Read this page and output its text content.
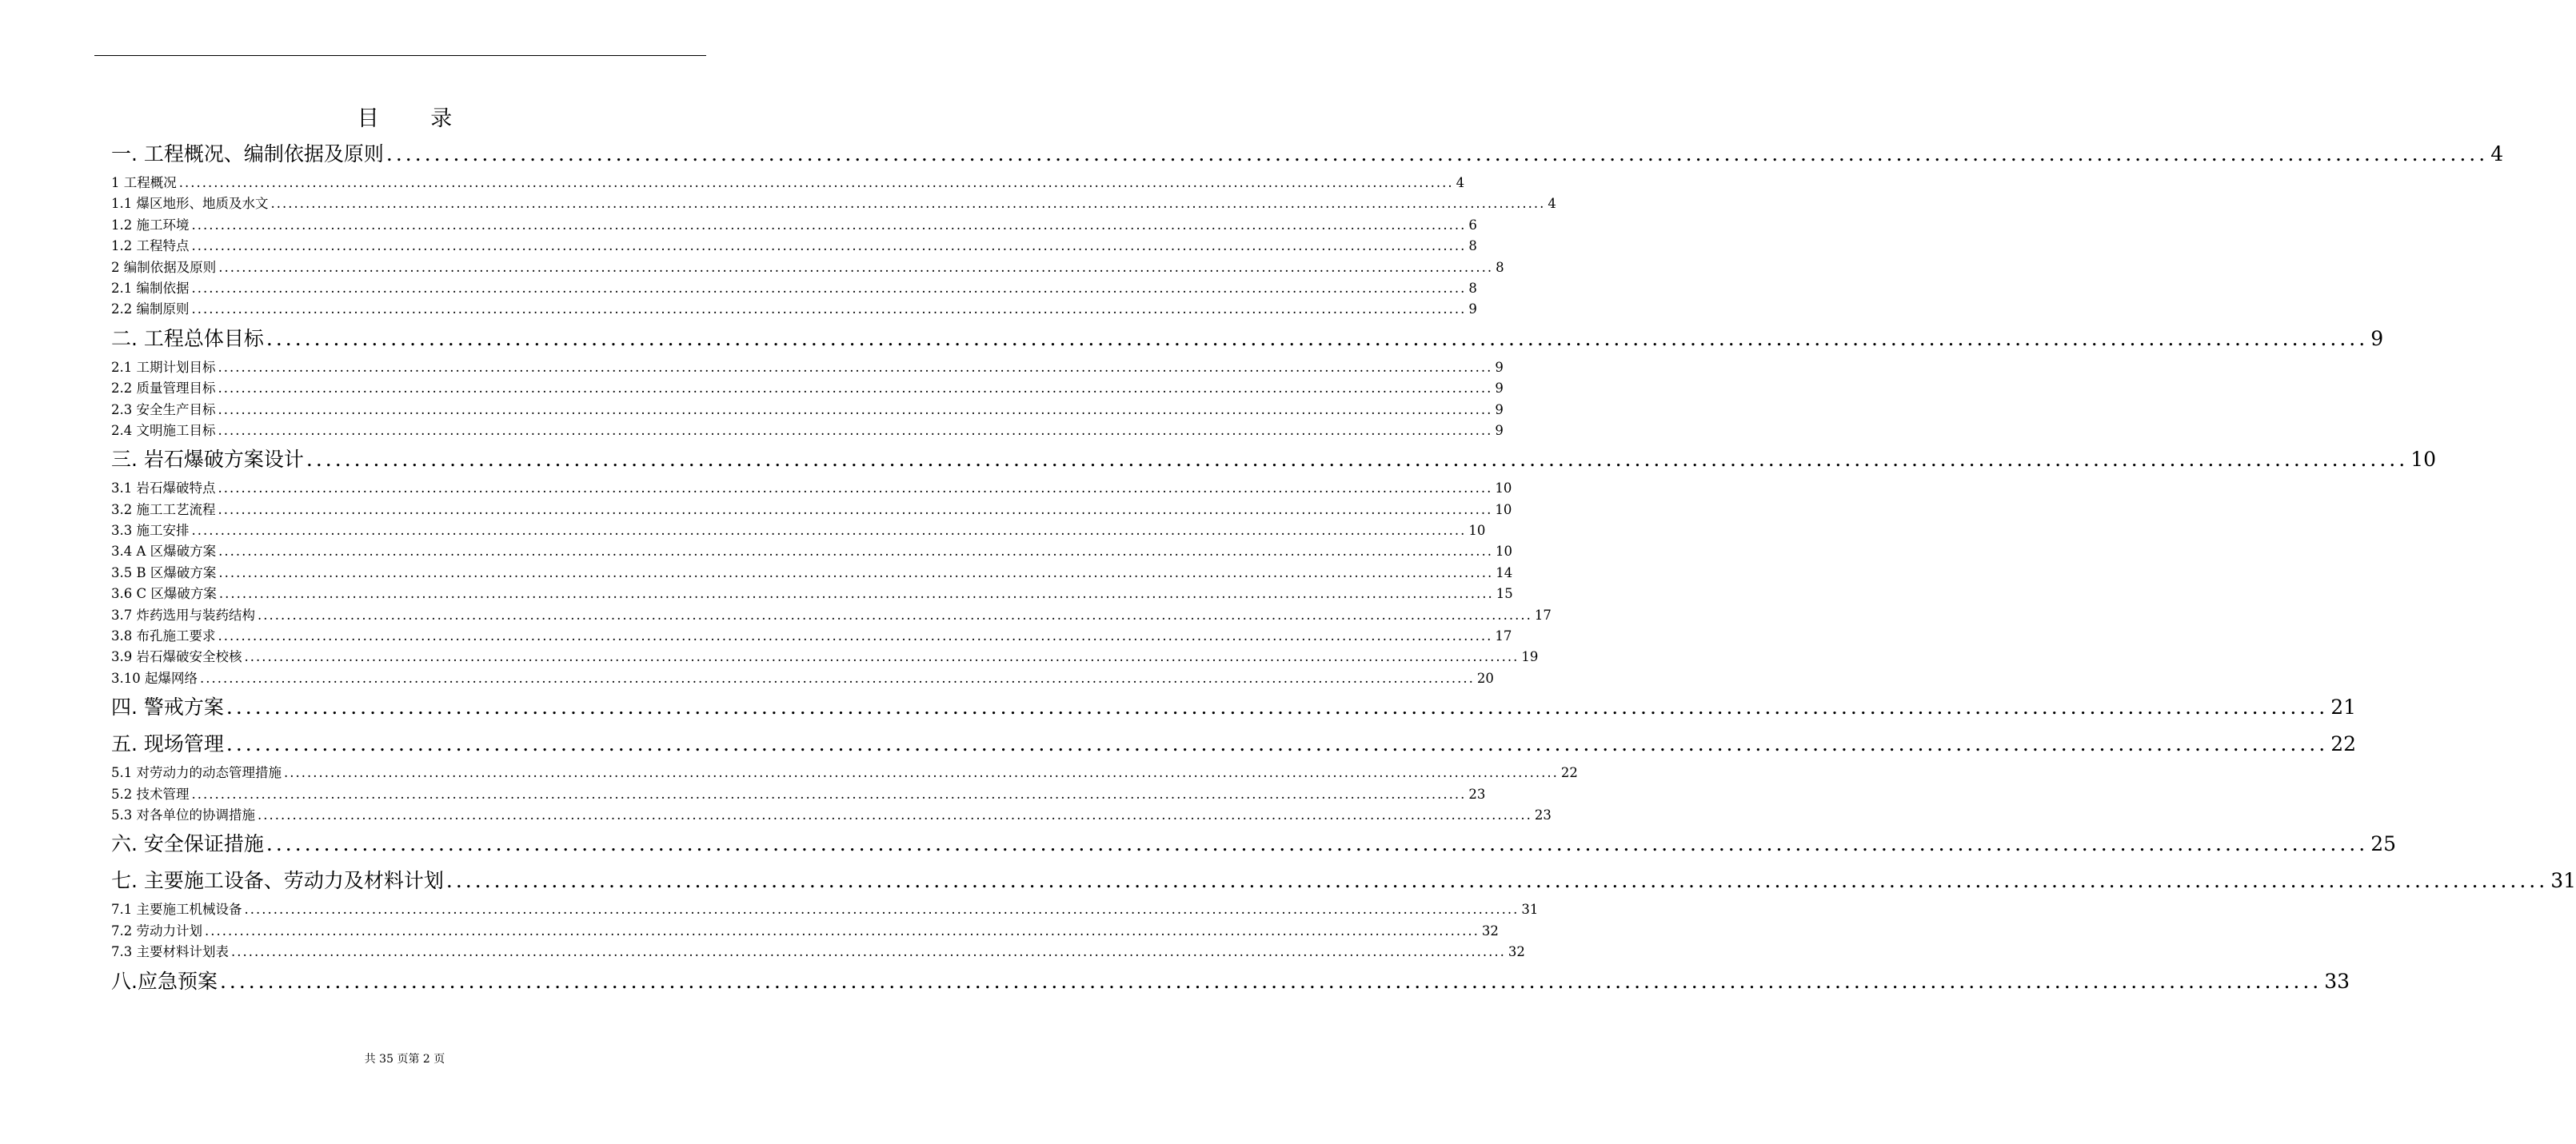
目 录
一. 工程概况、编制依据及原则 ............................................................................................................................................................................................................................ 4
1 工程概况 ............................................................................................................................................................................................................................ 4
1.1 爆区地形、地质及水文 ............................................................................................................................................................................................................................ 4
1.2 施工环境 ............................................................................................................................................................................................................................ 6
1.2 工程特点 ............................................................................................................................................................................................................................ 8
2 编制依据及原则 ............................................................................................................................................................................................................................ 8
2.1 编制依据 ............................................................................................................................................................................................................................ 8
2.2 编制原则 ............................................................................................................................................................................................................................ 9
二. 工程总体目标 ............................................................................................................................................................................................................................ 9
2.1 工期计划目标 ............................................................................................................................................................................................................................ 9
2.2 质量管理目标 ............................................................................................................................................................................................................................ 9
2.3 安全生产目标 ............................................................................................................................................................................................................................ 9
2.4 文明施工目标 ............................................................................................................................................................................................................................ 9
三. 岩石爆破方案设计 ............................................................................................................................................................................................................................ 10
3.1 岩石爆破特点 ............................................................................................................................................................................................................................ 10
3.2 施工工艺流程 ............................................................................................................................................................................................................................ 10
3.3 施工安排 ............................................................................................................................................................................................................................ 10
3.4 A 区爆破方案 ............................................................................................................................................................................................................................ 10
3.5 B 区爆破方案 ............................................................................................................................................................................................................................ 14
3.6 C 区爆破方案 ............................................................................................................................................................................................................................ 15
3.7 炸药选用与装药结构 ............................................................................................................................................................................................................................ 17
3.8 布孔施工要求 ............................................................................................................................................................................................................................ 17
3.9 岩石爆破安全校核 ............................................................................................................................................................................................................................ 19
3.10 起爆网络 ............................................................................................................................................................................................................................ 20
四. 警戒方案 ............................................................................................................................................................................................................................ 21
五. 现场管理 ............................................................................................................................................................................................................................ 22
5.1 对劳动力的动态管理措施 ............................................................................................................................................................................................................................ 22
5.2 技术管理 ............................................................................................................................................................................................................................ 23
5.3 对各单位的协调措施 ............................................................................................................................................................................................................................ 23
六. 安全保证措施 ............................................................................................................................................................................................................................ 25
七. 主要施工设备、劳动力及材料计划 ............................................................................................................................................................................................................................ 31
7.1 主要施工机械设备 ............................................................................................................................................................................................................................ 31
7.2 劳动力计划 ............................................................................................................................................................................................................................ 32
7.3 主要材料计划表 ............................................................................................................................................................................................................................ 32
八.应急预案 ............................................................................................................................................................................................................................ 33
共 35 页第 2 页
